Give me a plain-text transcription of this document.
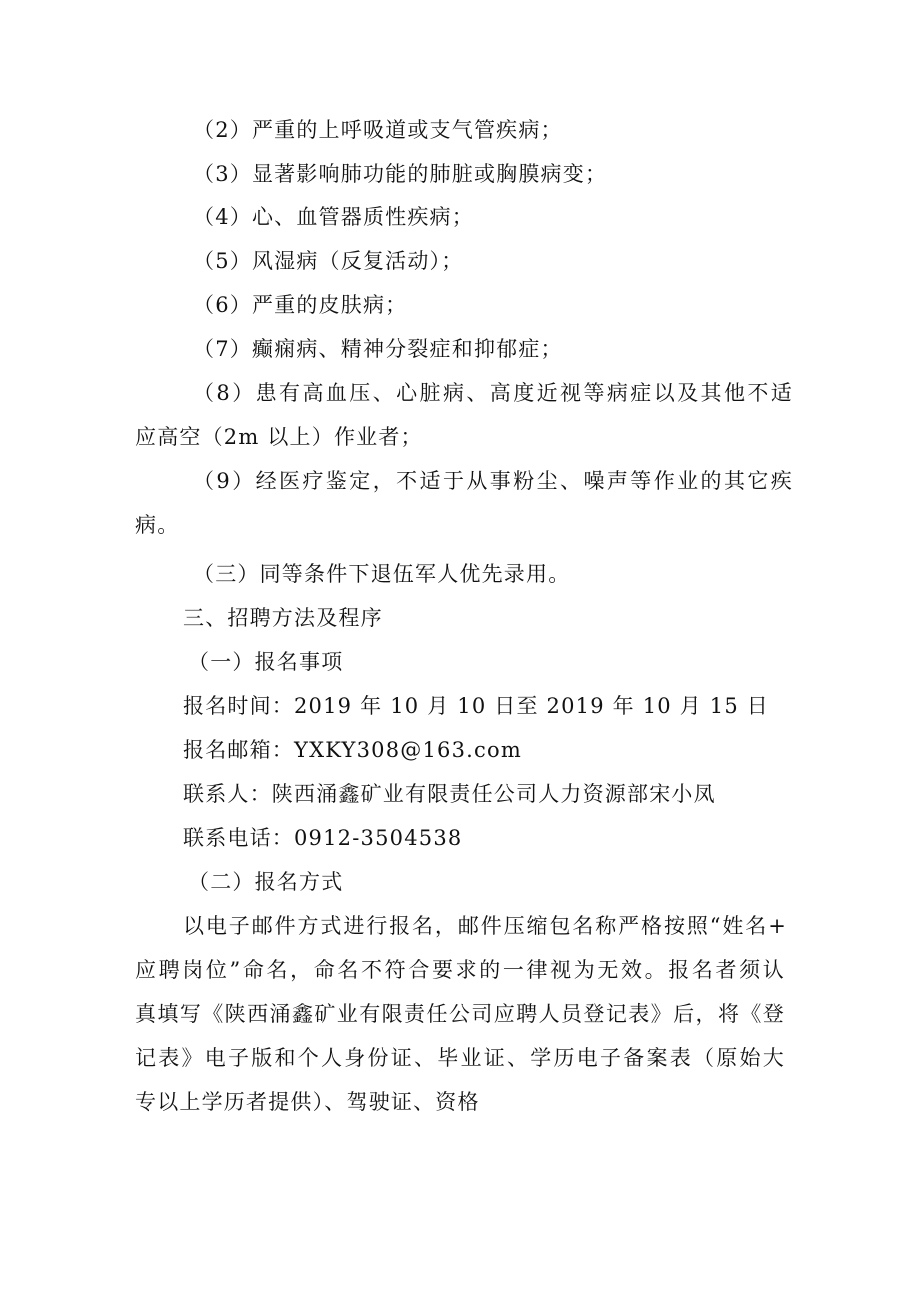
（2）严重的上呼吸道或支气管疾病；
（3）显著影响肺功能的肺脏或胸膜病变；
（4）心、血管器质性疾病；
（5）风湿病（反复活动）；
（6）严重的皮肤病；
（7）癫痫病、精神分裂症和抑郁症；
（8）患有高血压、心脏病、高度近视等病症以及其他不适
应高空（2m 以上）作业者；
（9）经医疗鉴定，不适于从事粉尘、噪声等作业的其它疾
病。
（三）同等条件下退伍军人优先录用。
三、招聘方法及程序
（一）报名事项
报名时间：2019 年 10 月 10 日至 2019 年 10 月 15 日
报名邮箱：YXKY308@163.com
联系人：陕西涌鑫矿业有限责任公司人力资源部宋小凤
联系电话：0912-3504538
（二）报名方式
以电子邮件方式进行报名，邮件压缩包名称严格按照“姓名+
应聘岗位”命名，命名不符合要求的一律视为无效。报名者须认
真填写《陕西涌鑫矿业有限责任公司应聘人员登记表》后，将《登
记表》电子版和个人身份证、毕业证、学历电子备案表（原始大
专以上学历者提供）、驾驶证、资格
